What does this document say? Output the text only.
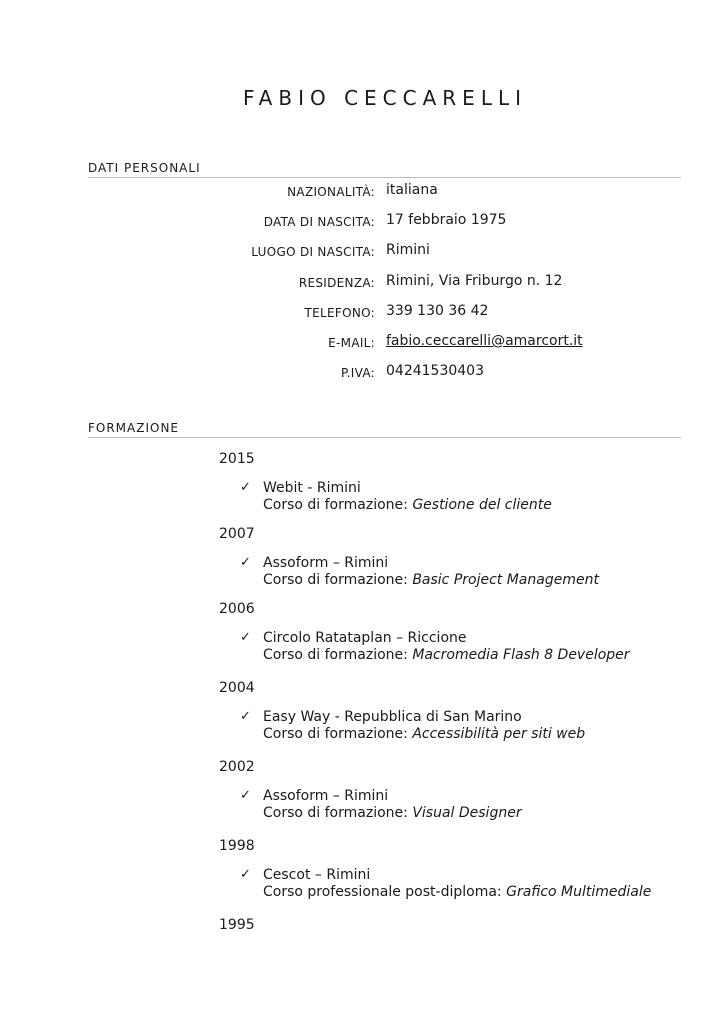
FABIO CECCARELLI
DATI PERSONALI
NAZIONALITÀ: italiana
DATA DI NASCITA: 17 febbraio 1975
LUOGO DI NASCITA: Rimini
RESIDENZA: Rimini, Via Friburgo n. 12
TELEFONO: 339 130 36 42
E-MAIL: fabio.ceccarelli@amarcort.it
P.IVA: 04241530403
FORMAZIONE
2015
✓ Webit - Rimini
Corso di formazione: Gestione del cliente
2007
✓ Assoform – Rimini
Corso di formazione: Basic Project Management
2006
✓ Circolo Ratataplan – Riccione
Corso di formazione: Macromedia Flash 8 Developer
2004
✓ Easy Way - Repubblica di San Marino
Corso di formazione: Accessibilità per siti web
2002
✓ Assoform – Rimini
Corso di formazione: Visual Designer
1998
✓ Cescot – Rimini
Corso professionale post-diploma: Grafico Multimediale
1995
